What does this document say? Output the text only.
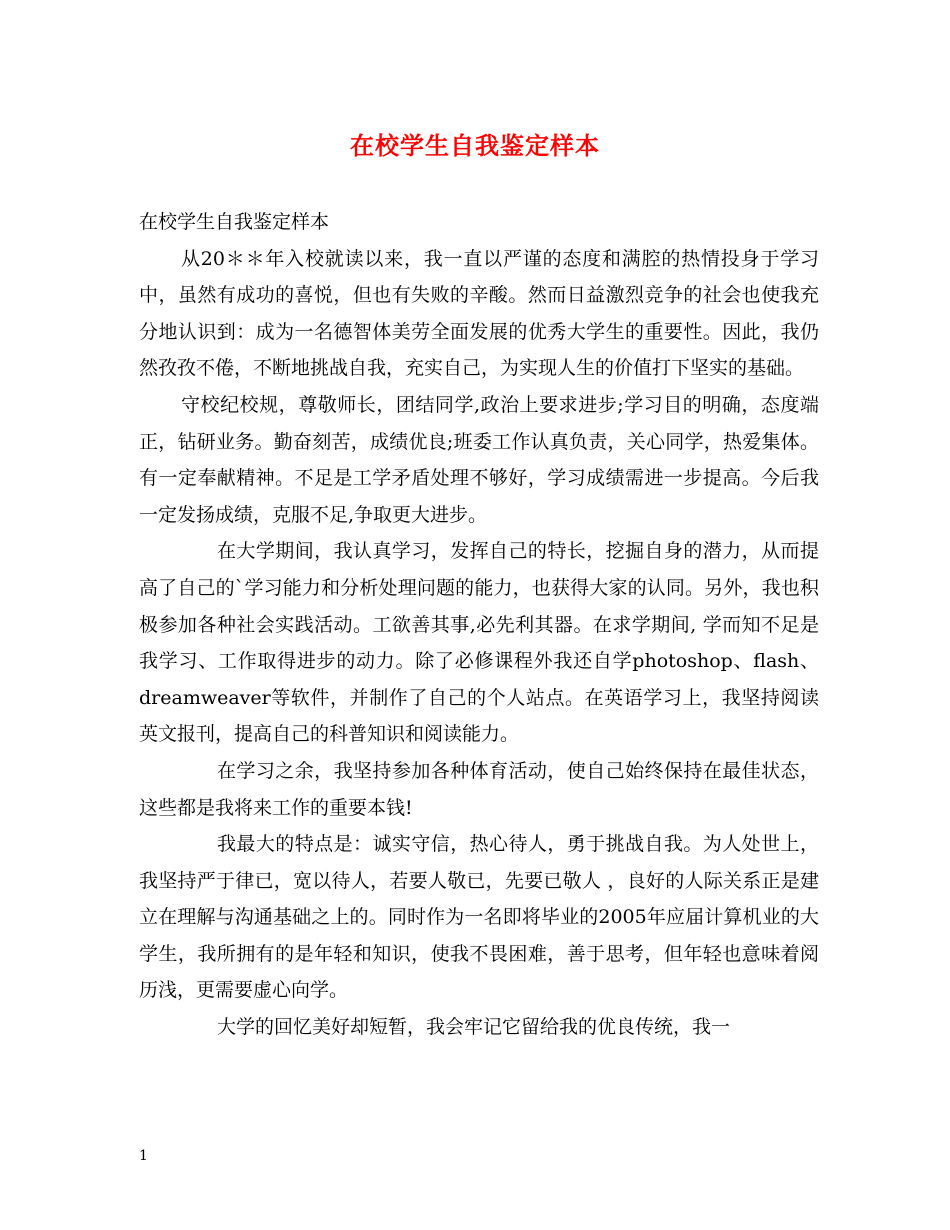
在校学生自我鉴定样本

在校学生自我鉴定样本

从20＊＊年入校就读以来，我一直以严谨的态度和满腔的热情投身于学习中，虽然有成功的喜悦，但也有失败的辛酸。然而日益激烈竞争的社会也使我充分地认识到：成为一名德智体美劳全面发展的优秀大学生的重要性。因此，我仍然孜孜不倦，不断地挑战自我，充实自己，为实现人生的价值打下坚实的基础。

守校纪校规，尊敬师长，团结同学,政治上要求进步;学习目的明确，态度端正，钻研业务。勤奋刻苦，成绩优良;班委工作认真负责，关心同学，热爱集体。有一定奉献精神。不足是工学矛盾处理不够好，学习成绩需进一步提高。今后我一定发扬成绩，克服不足,争取更大进步。

在大学期间，我认真学习，发挥自己的特长，挖掘自身的潜力，从而提高了自己的`学习能力和分析处理问题的能力，也获得大家的认同。另外，我也积极参加各种社会实践活动。工欲善其事,必先利其器。在求学期间, 学而知不足是我学习、工作取得进步的动力。除了必修课程外我还自学photoshop、flash、dreamweaver等软件，并制作了自己的个人站点。在英语学习上，我坚持阅读英文报刊，提高自己的科普知识和阅读能力。

在学习之余，我坚持参加各种体育活动，使自己始终保持在最佳状态，这些都是我将来工作的重要本钱!

我最大的特点是：诚实守信，热心待人，勇于挑战自我。为人处世上，我坚持严于律已，宽以待人，若要人敬已，先要已敬人 ，良好的人际关系正是建立在理解与沟通基础之上的。同时作为一名即将毕业的2005年应届计算机业的大学生，我所拥有的是年轻和知识，使我不畏困难，善于思考，但年轻也意味着阅历浅，更需要虚心向学。

大学的回忆美好却短暂，我会牢记它留给我的优良传统，我一

1
